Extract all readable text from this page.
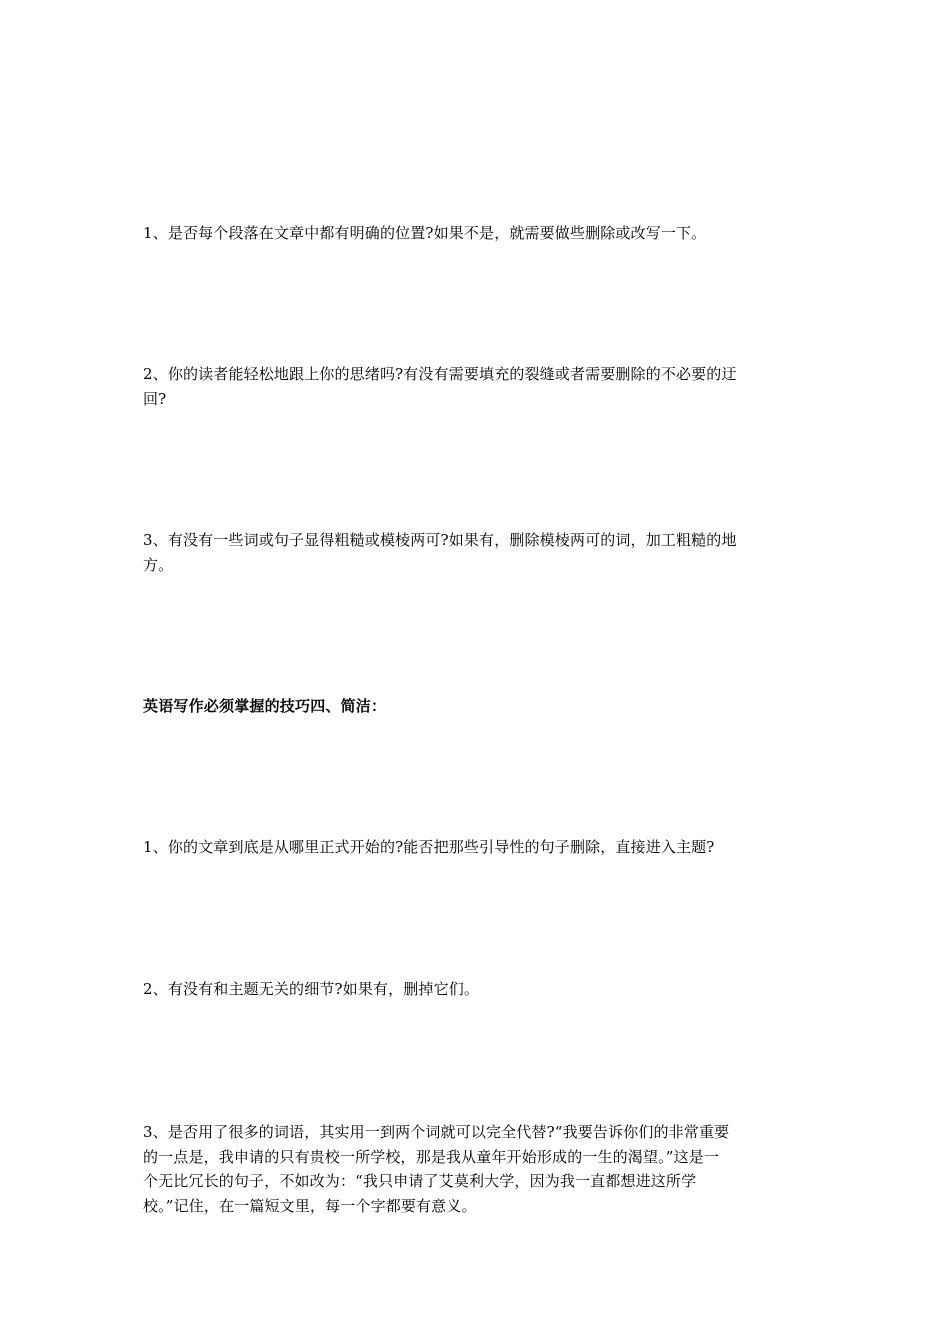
1、是否每个段落在文章中都有明确的位置?如果不是，就需要做些删除或改写一下。

2、你的读者能轻松地跟上你的思绪吗?有没有需要填充的裂缝或者需要删除的不必要的迂
回?

3、有没有一些词或句子显得粗糙或模棱两可?如果有，删除模棱两可的词，加工粗糙的地
方。

英语写作必须掌握的技巧四、简洁：

1、你的文章到底是从哪里正式开始的?能否把那些引导性的句子删除，直接进入主题?

2、有没有和主题无关的细节?如果有，删掉它们。

3、是否用了很多的词语，其实用一到两个词就可以完全代替?“我要告诉你们的非常重要
的一点是，我申请的只有贵校一所学校，那是我从童年开始形成的一生的渴望。”这是一
个无比冗长的句子，不如改为：“我只申请了艾莫利大学，因为我一直都想进这所学
校。”记住，在一篇短文里，每一个字都要有意义。
